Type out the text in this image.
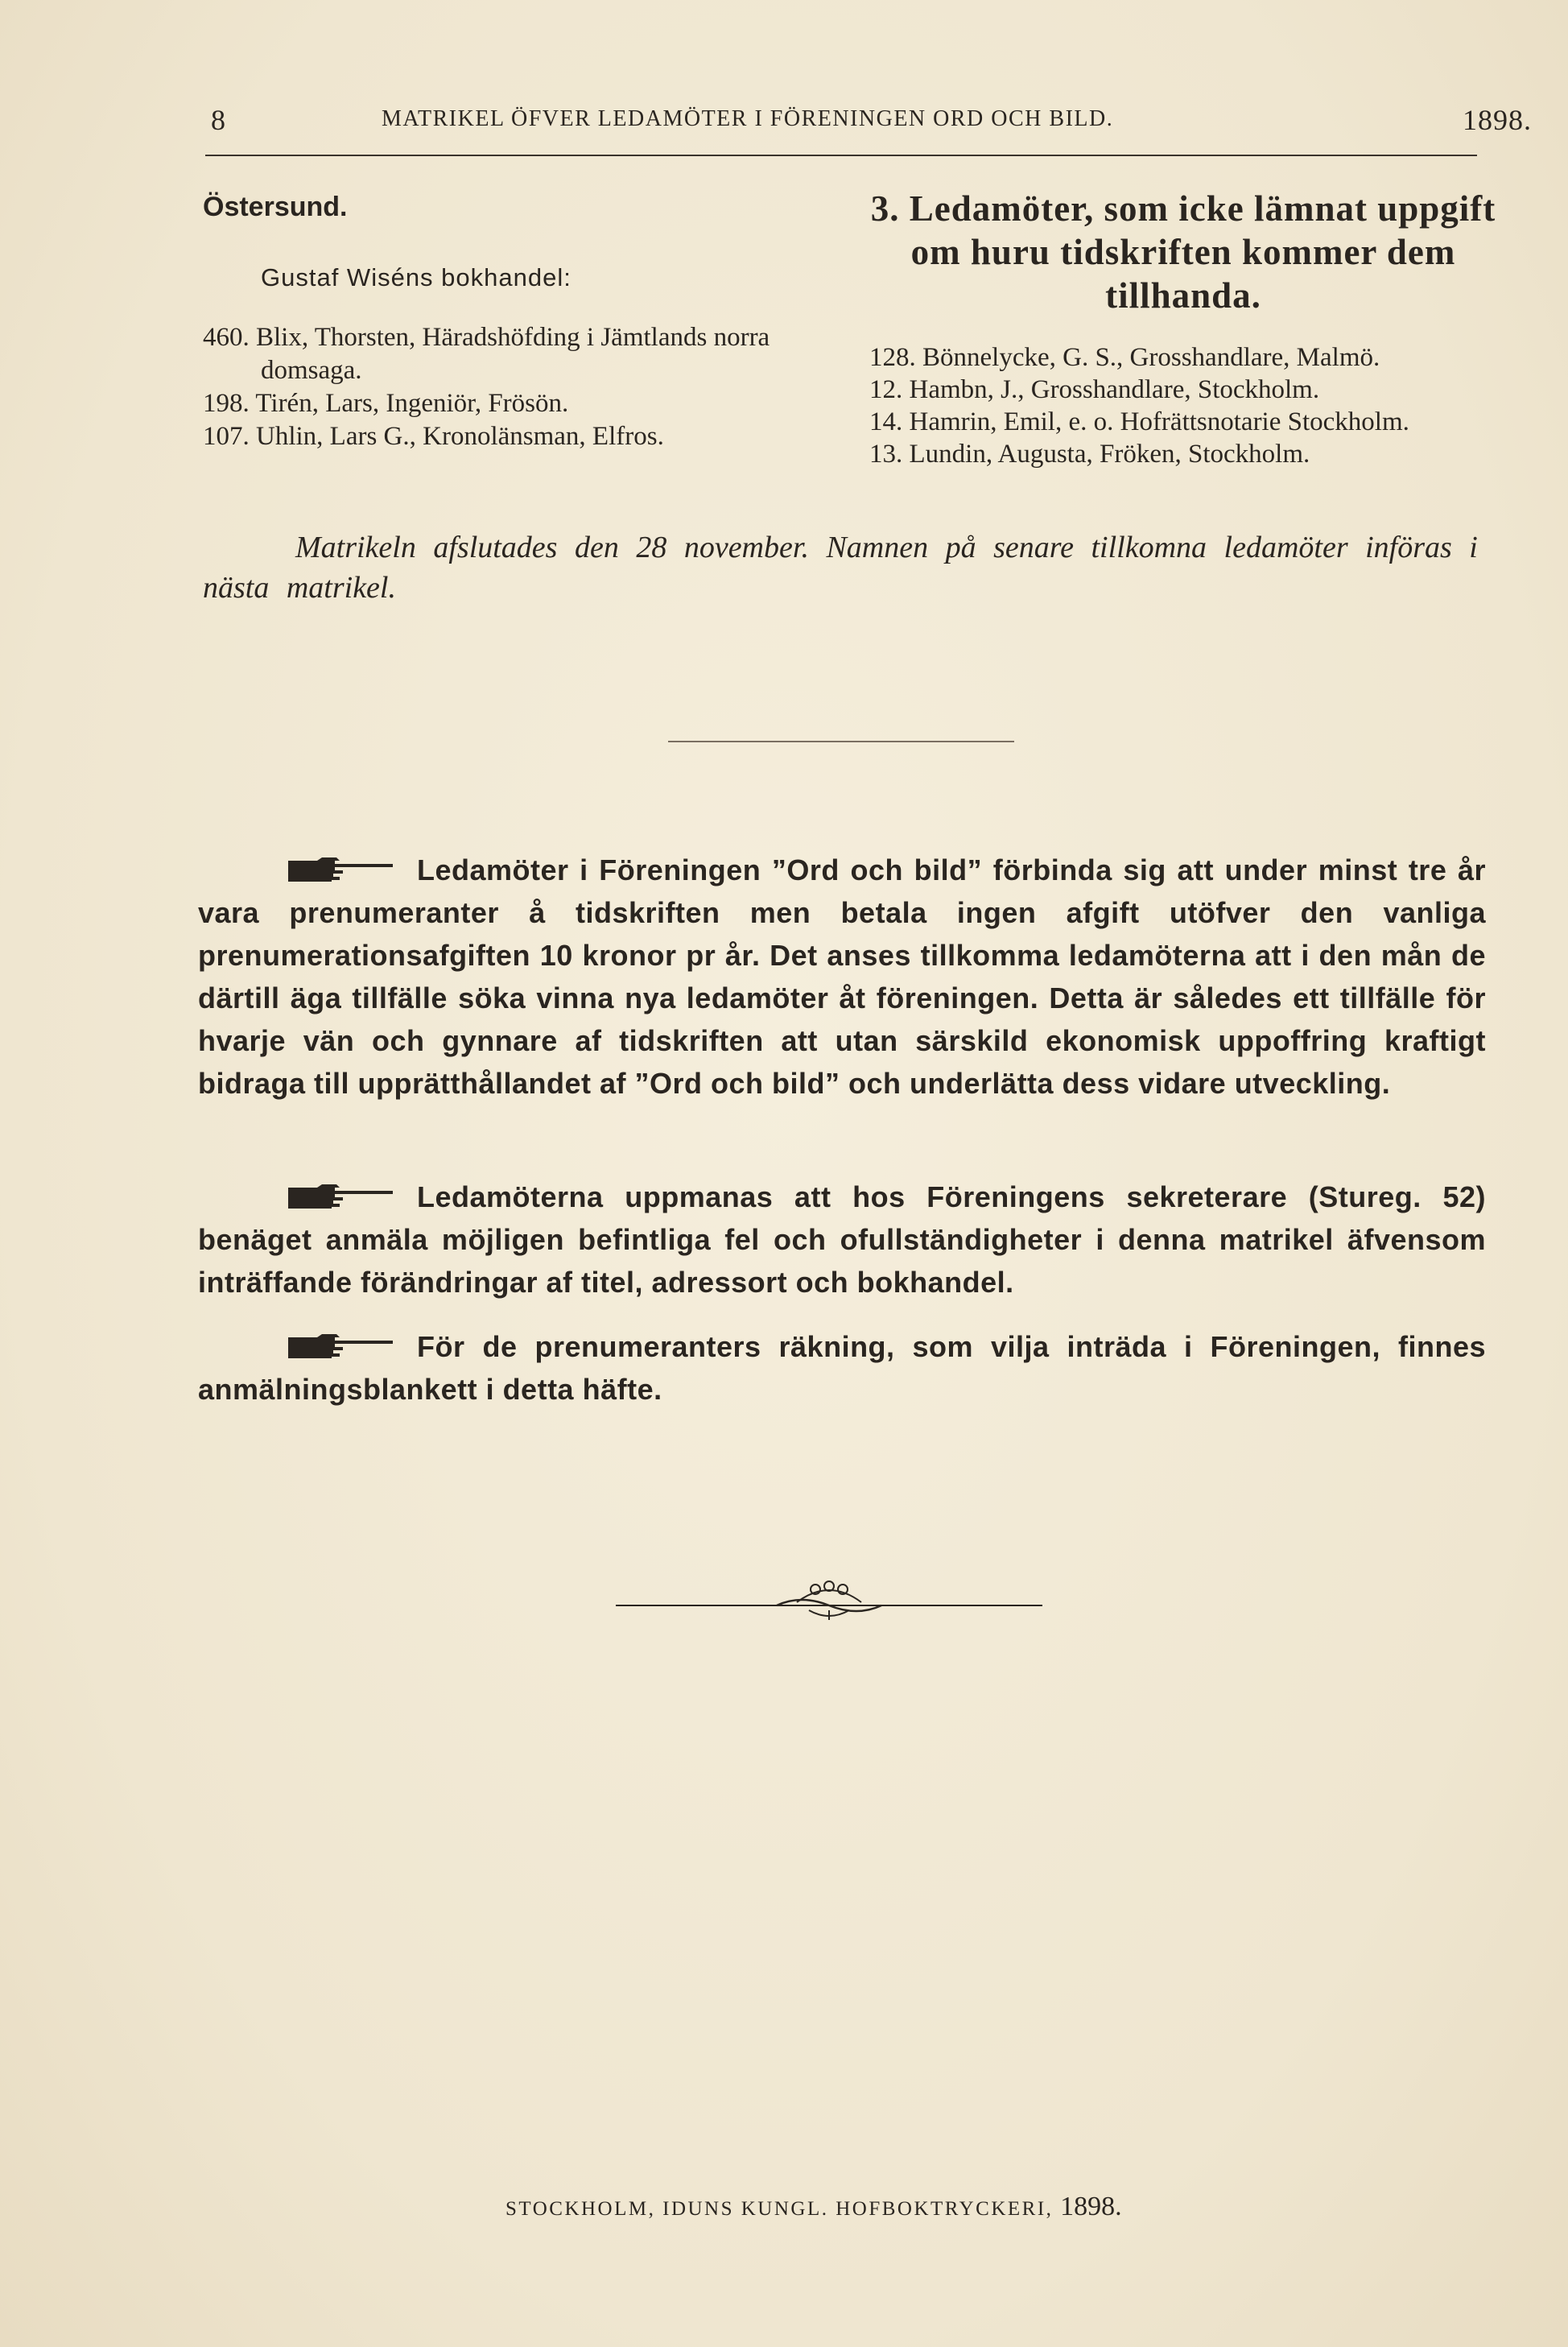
8	MATRIKEL ÖFVER LEDAMÖTER I FÖRENINGEN ORD OCH BILD.	1898.
Östersund.
Gustaf Wiséns bokhandel:
460. Blix, Thorsten, Häradshöfding i Jämtlands norra domsaga.
198. Tirén, Lars, Ingeniör, Frösön.
107. Uhlin, Lars G., Kronolänsman, Elfros.
3. Ledamöter, som icke lämnat uppgift om huru tidskriften kommer dem tillhanda.
128. Bönnelycke, G. S., Grosshandlare, Malmö.
12. Hambn, J., Grosshandlare, Stockholm.
14. Hamrin, Emil, e. o. Hofrättsnotarie Stockholm.
13. Lundin, Augusta, Fröken, Stockholm.
Matrikeln afslutades den 28 november. Namnen på senare tillkomna ledamöter införas i nästa matrikel.
Ledamöter i Föreningen ”Ord och bild” förbinda sig att under minst tre år vara prenumeranter å tidskriften men betala ingen afgift utöfver den vanliga prenumerationsafgiften 10 kronor pr år. Det anses tillkomma ledamöterna att i den mån de därtill äga tillfälle söka vinna nya ledamöter åt föreningen. Detta är således ett tillfälle för hvarje vän och gynnare af tidskriften att utan särskild ekonomisk uppoffring kraftigt bidraga till upprätthållandet af ”Ord och bild” och underlätta dess vidare utveckling.
Ledamöterna uppmanas att hos Föreningens sekreterare (Stureg. 52) benäget anmäla möjligen befintliga fel och ofullständigheter i denna matrikel äfvensom inträffande förändringar af titel, adressort och bokhandel.
För de prenumeranters räkning, som vilja inträda i Föreningen, finnes anmälningsblankett i detta häfte.
STOCKHOLM, IDUNS KUNGL. HOFBOKTRYCKERI, 1898.
